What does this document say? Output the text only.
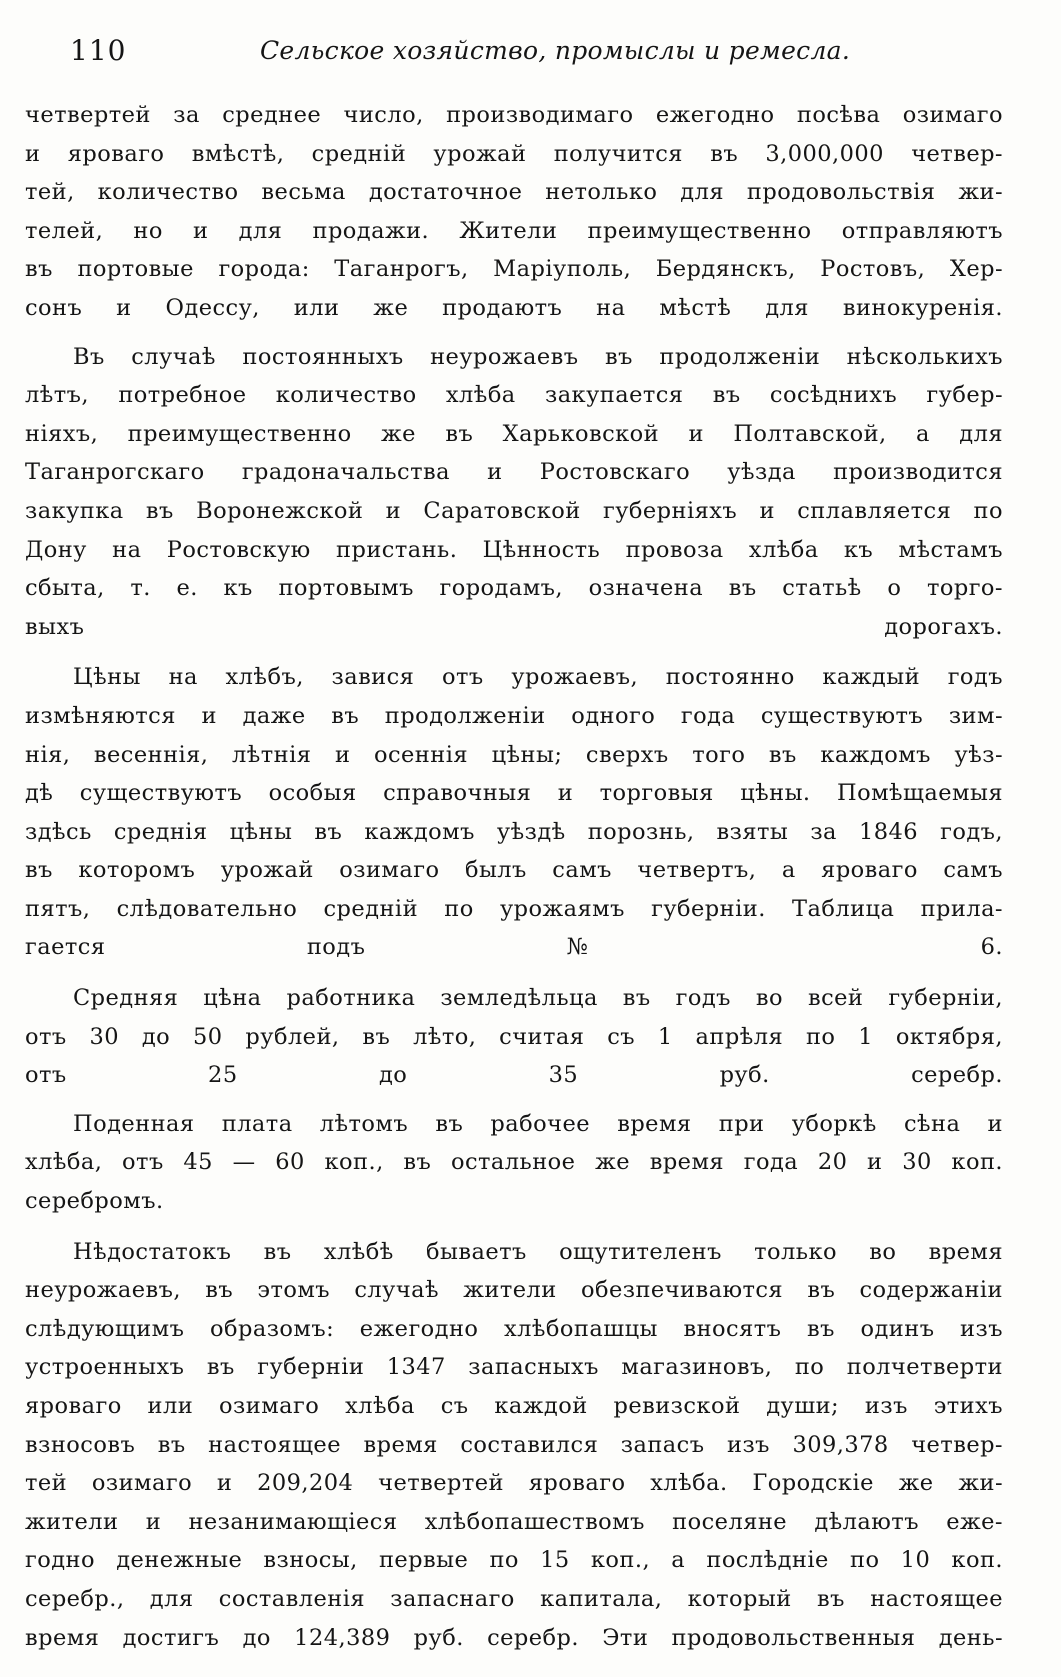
110	Сельское хозяйство, промыслы и ремесла.

четвертей за среднее число, производимаго ежегодно посѣва озимаго
и яроваго вмѣстѣ, средній урожай получится въ 3,000,000 четвер-
тей, количество весьма достаточное нетолько для продовольствія жи-
телей, но и для продажи. Жители преимущественно отправляютъ
въ портовые города: Таганрогъ, Маріуполь, Бердянскъ, Ростовъ, Хер-
сонъ и Одессу, или же продаютъ на мѣстѣ для винокуренія.

Въ случаѣ постоянныхъ неурожаевъ въ продолженіи нѣсколькихъ
лѣтъ, потребное количество хлѣба закупается въ сосѣднихъ губер-
ніяхъ, преимущественно же въ Харьковской и Полтавской, а для
Таганрогскаго градоначальства и Ростовскаго уѣзда производится
закупка въ Воронежской и Саратовской губерніяхъ и сплавляется по
Дону на Ростовскую пристань. Цѣнность провоза хлѣба къ мѣстамъ
сбыта, т. е. къ портовымъ городамъ, означена въ статьѣ о торго-
выхъ дорогахъ.

Цѣны на хлѣбъ, завися отъ урожаевъ, постоянно каждый годъ
измѣняются и даже въ продолженіи одного года существуютъ зим-
нія, весеннія, лѣтнія и осеннія цѣны; сверхъ того въ каждомъ уѣз-
дѣ существуютъ особыя справочныя и торговыя цѣны. Помѣщаемыя
здѣсь среднія цѣны въ каждомъ уѣздѣ порознь, взяты за 1846 годъ,
въ которомъ урожай озимаго былъ самъ четвертъ, а яроваго самъ
пятъ, слѣдовательно средній по урожаямъ губерніи. Таблица прила-
гается подъ № 6.

Средняя цѣна работника земледѣльца въ годъ во всей губерніи,
отъ 30 до 50 рублей, въ лѣто, считая съ 1 апрѣля по 1 октября,
отъ 25 до 35 руб. серебр.

Поденная плата лѣтомъ въ рабочее время при уборкѣ сѣна и
хлѣба, отъ 45 — 60 коп., въ остальное же время года 20 и 30 коп.
серебромъ.

Нѣдостатокъ въ хлѣбѣ бываетъ ощутителенъ только во время
неурожаевъ, въ этомъ случаѣ жители обезпечиваются въ содержаніи
слѣдующимъ образомъ: ежегодно хлѣбопашцы вносятъ въ одинъ изъ
устроенныхъ въ губерніи 1347 запасныхъ магазиновъ, по полчетверти
яроваго или озимаго хлѣба съ каждой ревизской души; изъ этихъ
взносовъ въ настоящее время составился запасъ изъ 309,378 четвер-
тей озимаго и 209,204 четвертей яроваго хлѣба. Городскіе же жи-
жители и незанимающіеся хлѣбопашествомъ поселяне дѣлаютъ еже-
годно денежные взносы, первые по 15 коп., а послѣдніе по 10 коп.
серебр., для составленія запаснаго капитала, который въ настоящее
время достигъ до 124,389 руб. серебр. Эти продовольственныя день-
